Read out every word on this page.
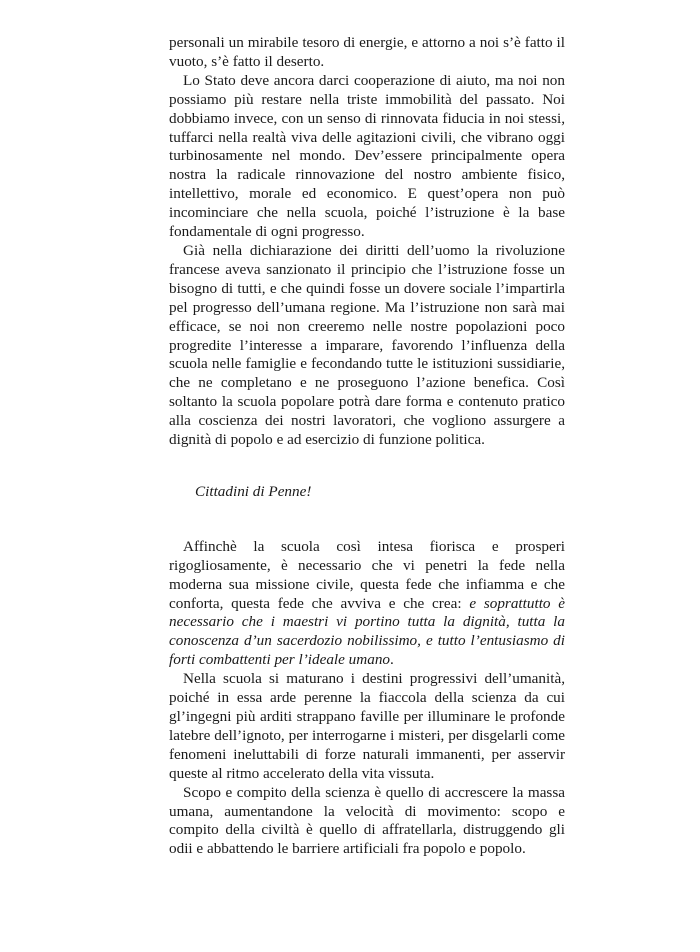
personali un mirabile tesoro di energie, e attorno a noi s’è fatto il vuoto, s’è fatto il deserto.

Lo Stato deve ancora darci cooperazione di aiuto, ma noi non possiamo più restare nella triste immobilità del passato. Noi dobbiamo invece, con un senso di rinnovata fiducia in noi stessi, tuffarci nella realtà viva delle agitazioni civili, che vibrano oggi turbinosamente nel mondo. Dev’essere principalmente opera nostra la radicale rinnovazione del nostro ambiente fisico, intellettivo, morale ed economico. E quest’opera non può incominciare che nella scuola, poiché l’istruzione è la base fondamentale di ogni progresso.

Già nella dichiarazione dei diritti dell’uomo la rivoluzione francese aveva sanzionato il principio che l’istruzione fosse un bisogno di tutti, e che quindi fosse un dovere sociale l’impartirla pel progresso dell’umana regione. Ma l’istruzione non sarà mai efficace, se noi non creeremo nelle nostre popolazioni poco progredite l’interesse a imparare, favorendo l’influenza della scuola nelle famiglie e fecondando tutte le istituzioni sussidiarie, che ne completano e ne proseguono l’azione benefica. Così soltanto la scuola popolare potrà dare forma e contenuto pratico alla coscienza dei nostri lavoratori, che vogliono assurgere a dignità di popolo e ad esercizio di funzione politica.

Cittadini di Penne!

Affinchè la scuola così intesa fiorisca e prosperi rigogliosamente, è necessario che vi penetri la fede nella moderna sua missione civile, questa fede che infiamma e che conforta, questa fede che avviva e che crea: e soprattutto è necessario che i maestri vi portino tutta la dignità, tutta la conoscenza d’un sacerdozio nobilissimo, e tutto l’entusiasmo di forti combattenti per l’ideale umano.

Nella scuola si maturano i destini progressivi dell’umanità, poiché in essa arde perenne la fiaccola della scienza da cui gl’ingegni più arditi strappano faville per illuminare le profonde latebre dell’ignoto, per interrogarne i misteri, per disgelarli come fenomeni ineluttabili di forze naturali immanenti, per asservir queste al ritmo accelerato della vita vissuta.

Scopo e compito della scienza è quello di accrescere la massa umana, aumentandone la velocità di movimento: scopo e compito della civiltà è quello di affratellarla, distruggendo gli odii e abbattendo le barriere artificiali fra popolo e popolo.
